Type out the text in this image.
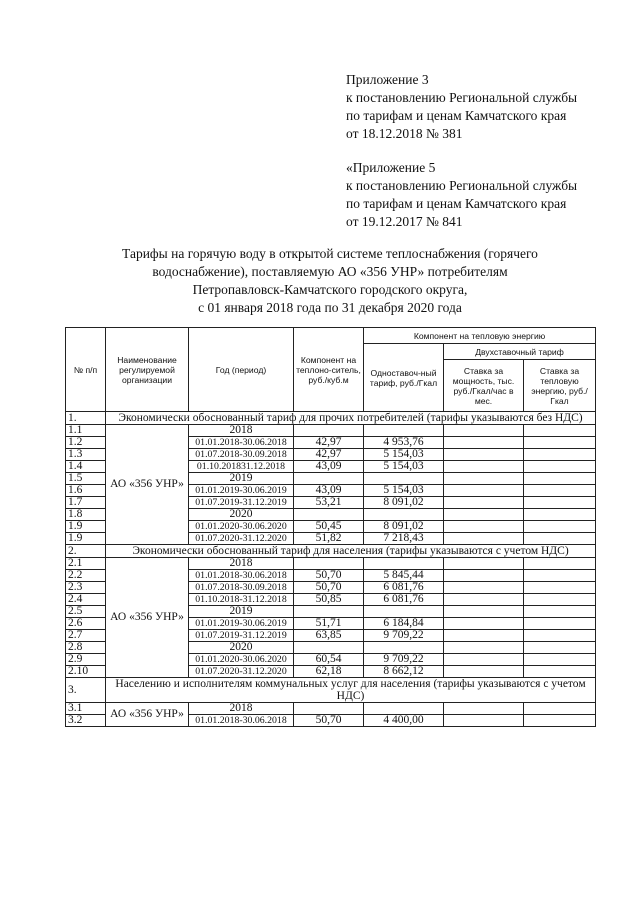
Приложение 3
к постановлению Региональной службы
по тарифам и ценам Камчатского края
от 18.12.2018 № 381
«Приложение 5
к постановлению Региональной службы
по тарифам и ценам Камчатского края
от 19.12.2017 № 841
Тарифы на горячую воду в открытой системе теплоснабжения (горячего
водоснабжение), поставляемую АО «356 УНР» потребителям
Петропавловск-Камчатского городского округа,
с 01 января 2018 года по 31 декабря 2020 года
№ п/п	Наименование регулируемой организации	Год (период)	Компонент на теплоно-ситель, руб./куб.м	Компонент на тепловую энергию		
				Одноставоч-ный тариф, руб./Гкал	Двухставочный тариф	
					Ставка за мощность, тыс. руб./Гкал/час в мес.	Ставка за тепловую энергию, руб./Гкал
1.	Экономически обоснованный тариф для прочих потребителей (тарифы указываются без НДС)					
1.1	АО «356 УНР»	2018				
1.2		01.01.2018-30.06.2018	42,97	4 953,76		
1.3		01.07.2018-30.09.2018	42,97	5 154,03		
1.4		01.10.201831.12.2018	43,09	5 154,03		
1.5		2019				
1.6		01.01.2019-30.06.2019	43,09	5 154,03		
1.7		01.07.2019-31.12.2019	53,21	8 091,02		
1.8		2020				
1.9		01.01.2020-30.06.2020	50,45	8 091,02		
1.9		01.07.2020-31.12.2020	51,82	7 218,43		
2.	Экономически обоснованный тариф для населения (тарифы указываются с учетом НДС)					
2.1	АО «356 УНР»	2018				
2.2		01.01.2018-30.06.2018	50,70	5 845,44		
2.3		01.07.2018-30.09.2018	50,70	6 081,76		
2.4		01.10.2018-31.12.2018	50,85	6 081,76		
2.5		2019				
2.6		01.01.2019-30.06.2019	51,71	6 184,84		
2.7		01.07.2019-31.12.2019	63,85	9 709,22		
2.8		2020				
2.9		01.01.2020-30.06.2020	60,54	9 709,22		
2.10		01.07.2020-31.12.2020	62,18	8 662,12		
3.	Населению и исполнителям коммунальных услуг для населения (тарифы указываются с учетом НДС)					
3.1	АО «356 УНР»	2018				
3.2		01.01.2018-30.06.2018	50,70	4 400,00		
